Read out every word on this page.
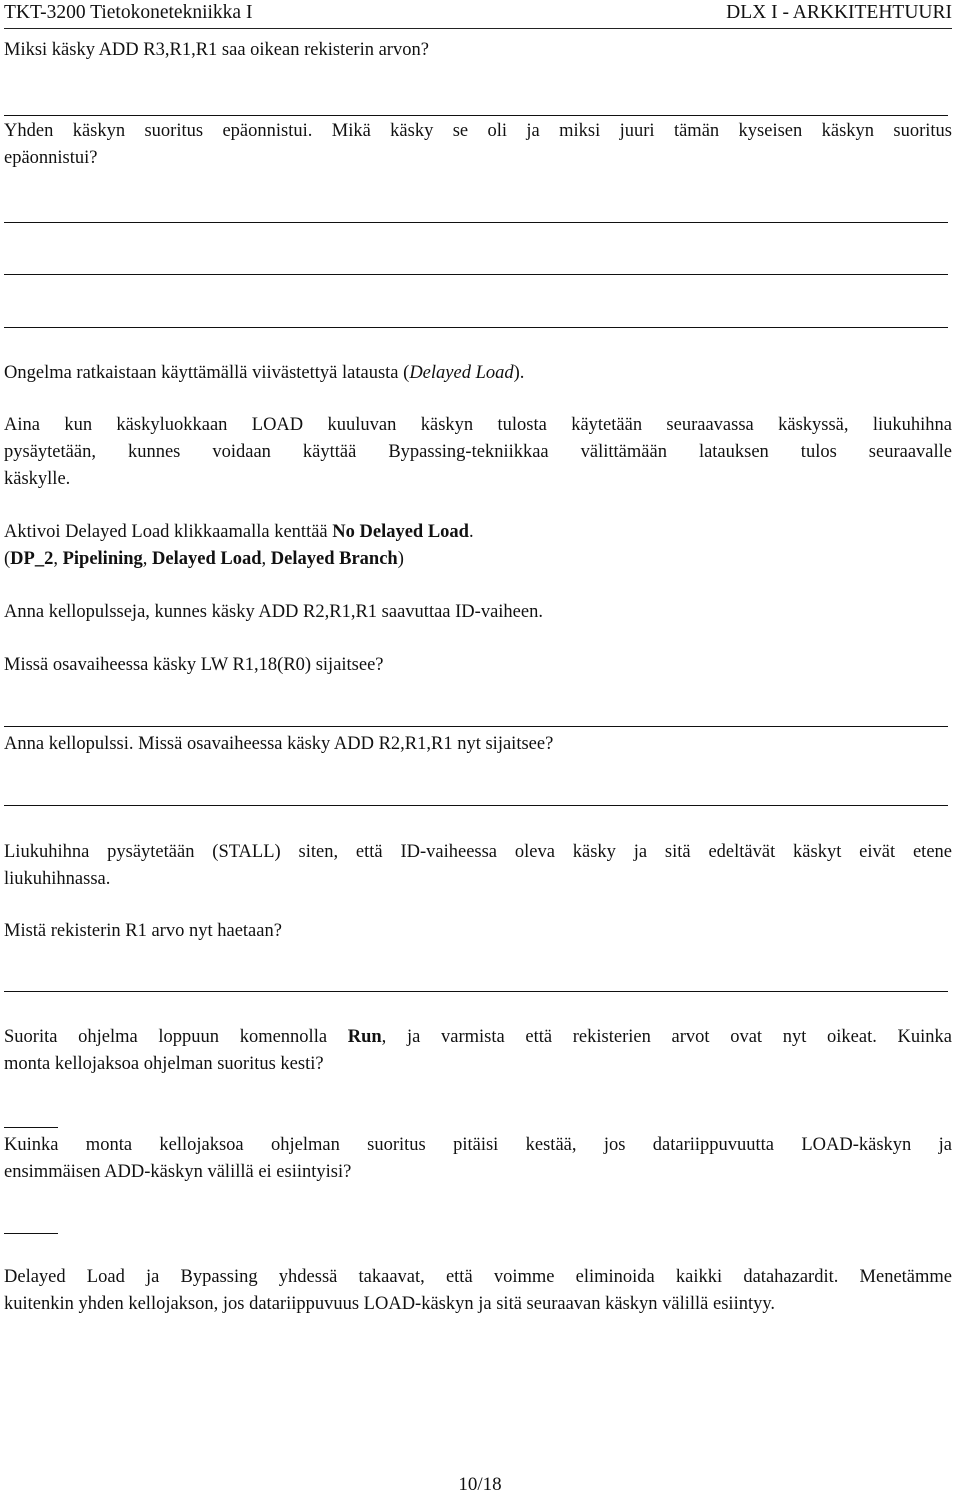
TKT-3200 Tietokonetekniikka I	DLX I - ARKKITEHTUURI
Miksi käsky ADD R3,R1,R1 saa oikean rekisterin arvon?
Yhden käskyn suoritus epäonnistui. Mikä käsky se oli ja miksi juuri tämän kyseisen käskyn suoritus
epäonnistui?
Ongelma ratkaistaan käyttämällä viivästettyä latausta (Delayed Load).
Aina kun käskyluokkaan LOAD kuuluvan käskyn tulosta käytetään seuraavassa käskyssä, liukuhihna
pysäytetään, kunnes voidaan käyttää Bypassing-tekniikkaa välittämään latauksen tulos seuraavalle
käskylle.
Aktivoi Delayed Load klikkaamalla kenttää No Delayed Load.
(DP_2, Pipelining, Delayed Load, Delayed Branch)
Anna kellopulsseja, kunnes käsky ADD R2,R1,R1 saavuttaa ID-vaiheen.
Missä osavaiheessa käsky LW R1,18(R0) sijaitsee?
Anna kellopulssi. Missä osavaiheessa käsky ADD R2,R1,R1 nyt sijaitsee?
Liukuhihna pysäytetään (STALL) siten, että ID-vaiheessa oleva käsky ja sitä edeltävät käskyt eivät etene
liukuhihnassa.
Mistä rekisterin R1 arvo nyt haetaan?
Suorita ohjelma loppuun komennolla Run, ja varmista että rekisterien arvot ovat nyt oikeat. Kuinka
monta kellojaksoa ohjelman suoritus kesti?
Kuinka monta kellojaksoa ohjelman suoritus pitäisi kestää, jos datariippuvuutta LOAD-käskyn ja
ensimmäisen ADD-käskyn välillä ei esiintyisi?
Delayed Load ja Bypassing yhdessä takaavat, että voimme eliminoida kaikki datahazardit. Menetämme
kuitenkin yhden kellojakson, jos datariippuvuus LOAD-käskyn ja sitä seuraavan käskyn välillä esiintyy.
10/18
